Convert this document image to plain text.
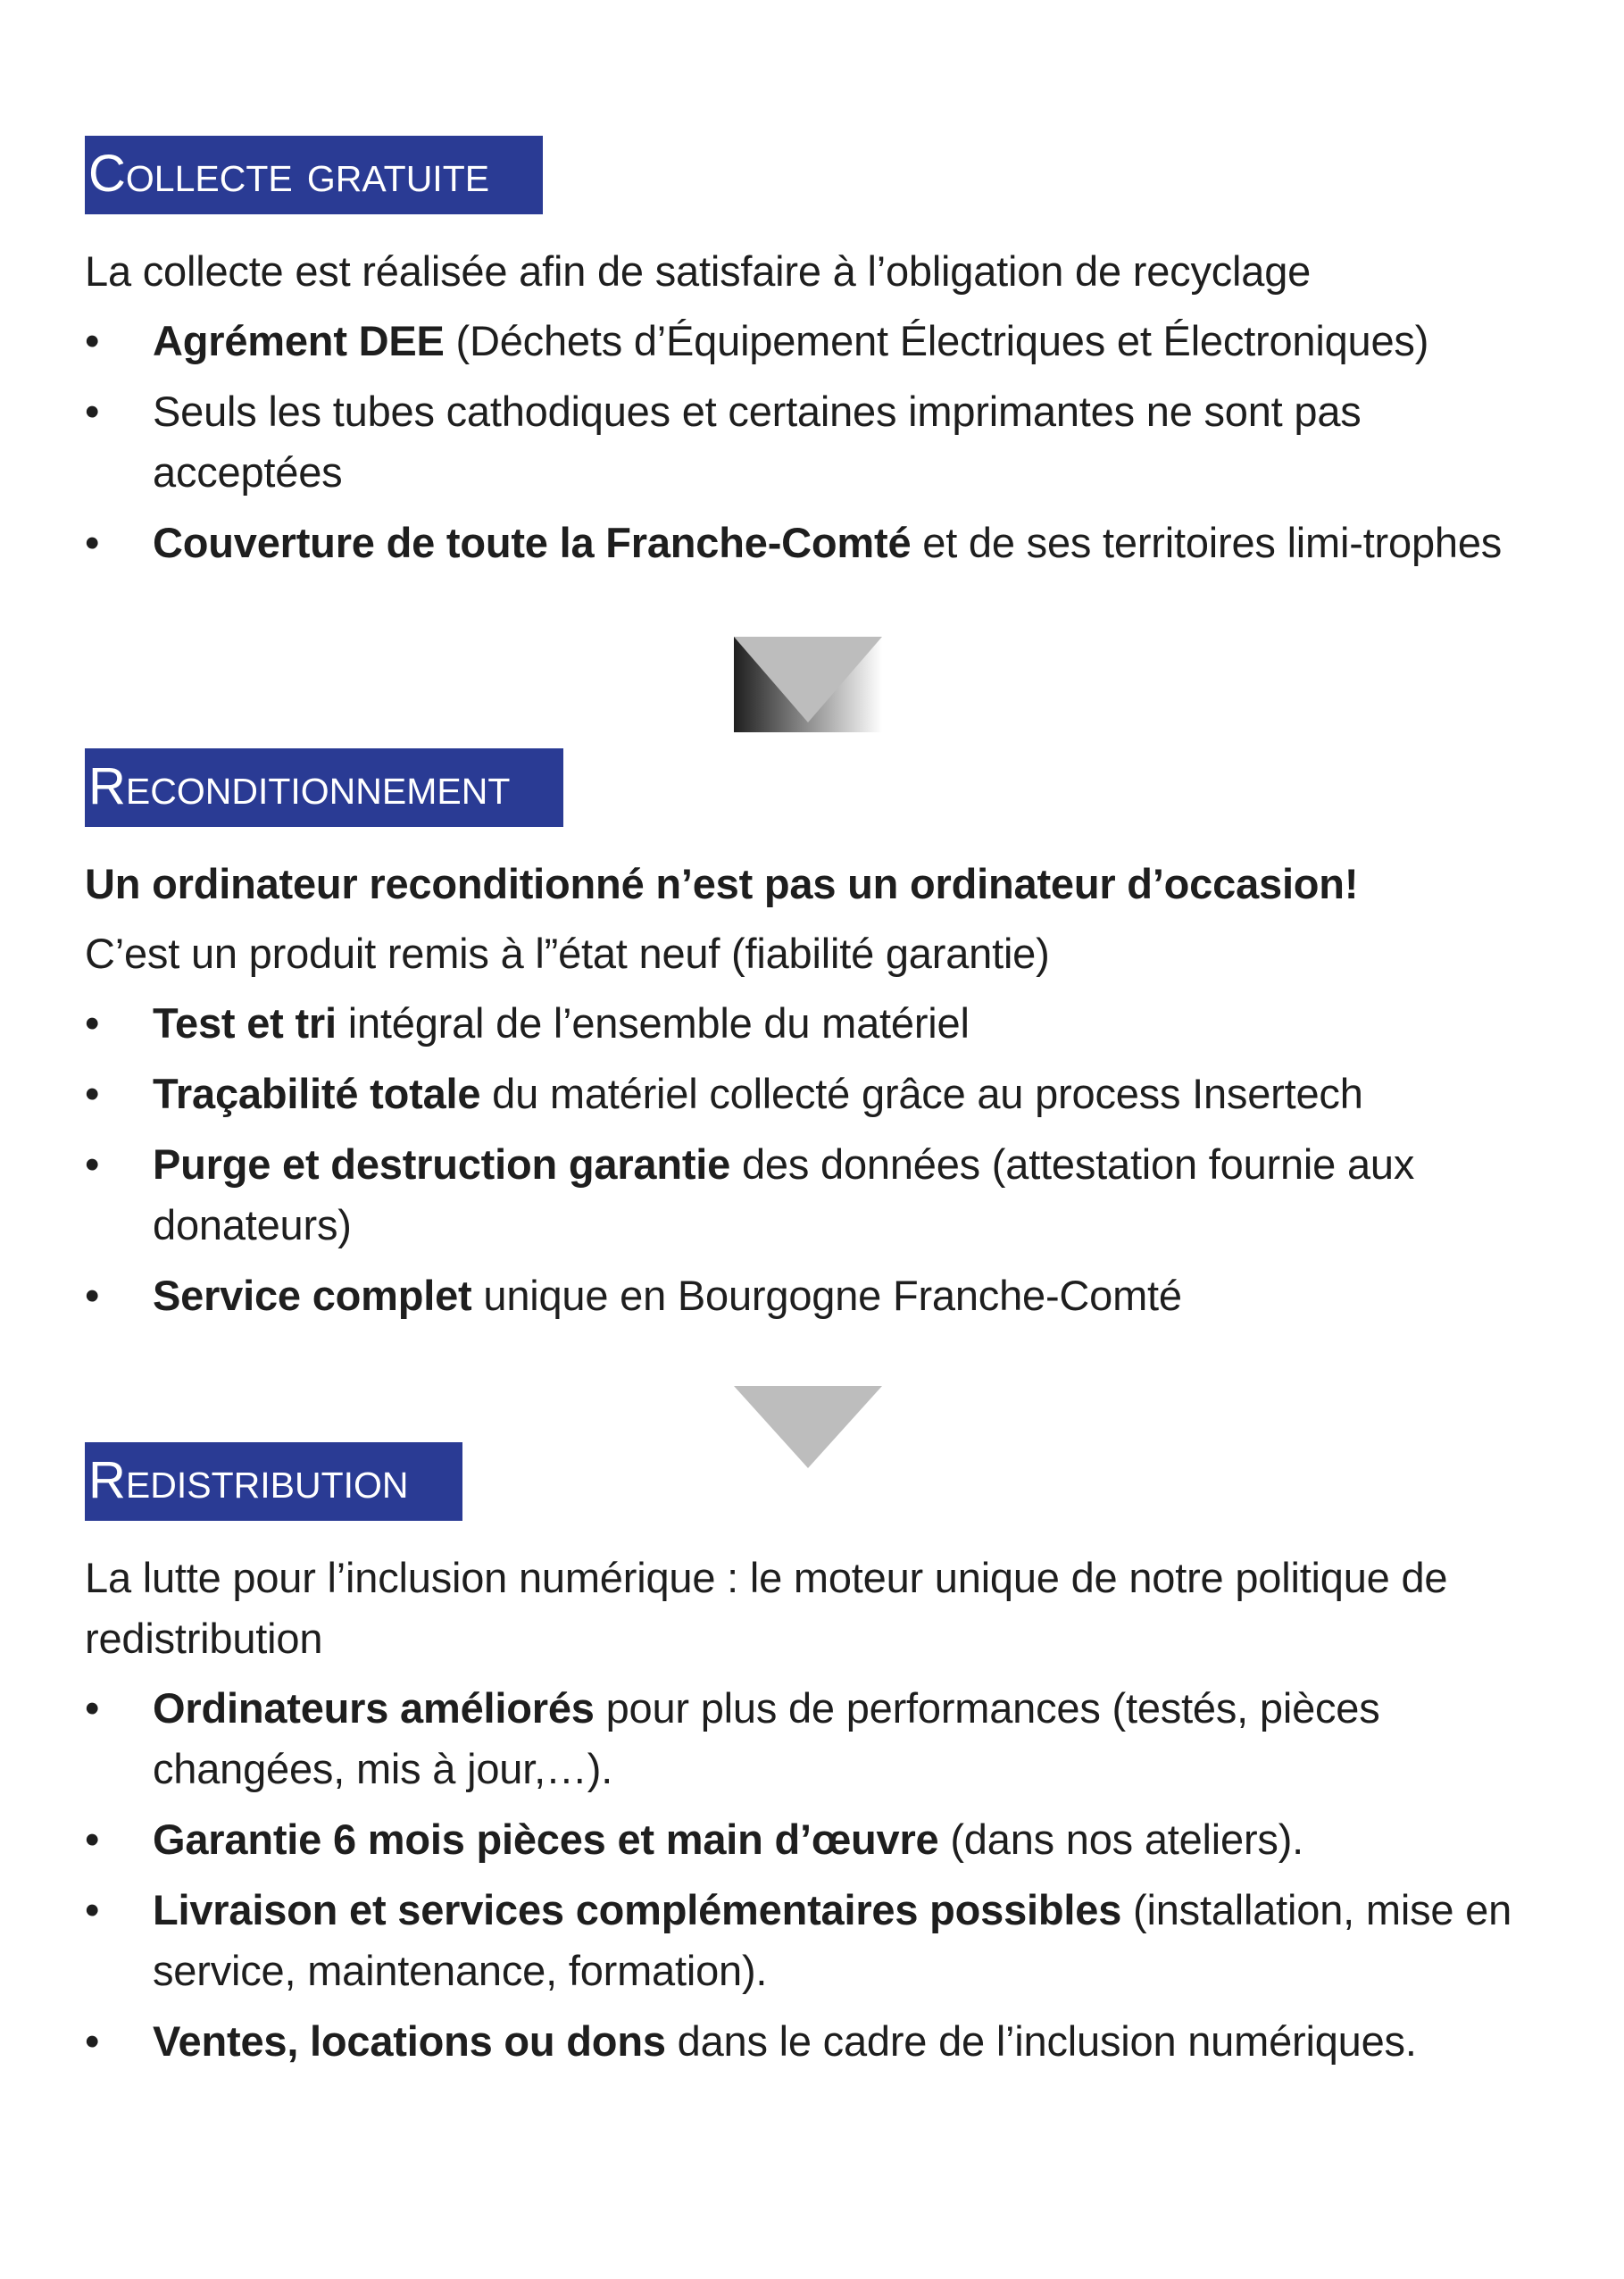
Collecte gratuite

La collecte est réalisée afin de satisfaire à l’obligation de recyclage

• Agrément DEE (Déchets d’Équipement Électriques et Électroniques)
• Seuls les tubes cathodiques et certaines imprimantes ne sont pas acceptées
• Couverture de toute la Franche-Comté et de ses territoires limi-trophes
Reconditionnement

Un ordinateur reconditionné n’est pas un ordinateur d’occasion!

C’est un produit remis à l”état neuf (fiabilité garantie)

• Test et tri intégral de l’ensemble du matériel
• Traçabilité totale du matériel collecté grâce au process Insertech
• Purge et destruction garantie des données (attestation fournie aux donateurs)
• Service complet unique en Bourgogne Franche-Comté
Redistribution

La lutte pour l’inclusion numérique : le moteur unique de notre politique de redistribution

• Ordinateurs améliorés pour plus de performances (testés, pièces changées, mis à jour,…).
• Garantie 6 mois pièces et main d’œuvre (dans nos ateliers).
• Livraison et services complémentaires possibles (installation, mise en service, maintenance, formation).
• Ventes, locations ou dons dans le cadre de l’inclusion numériques.
